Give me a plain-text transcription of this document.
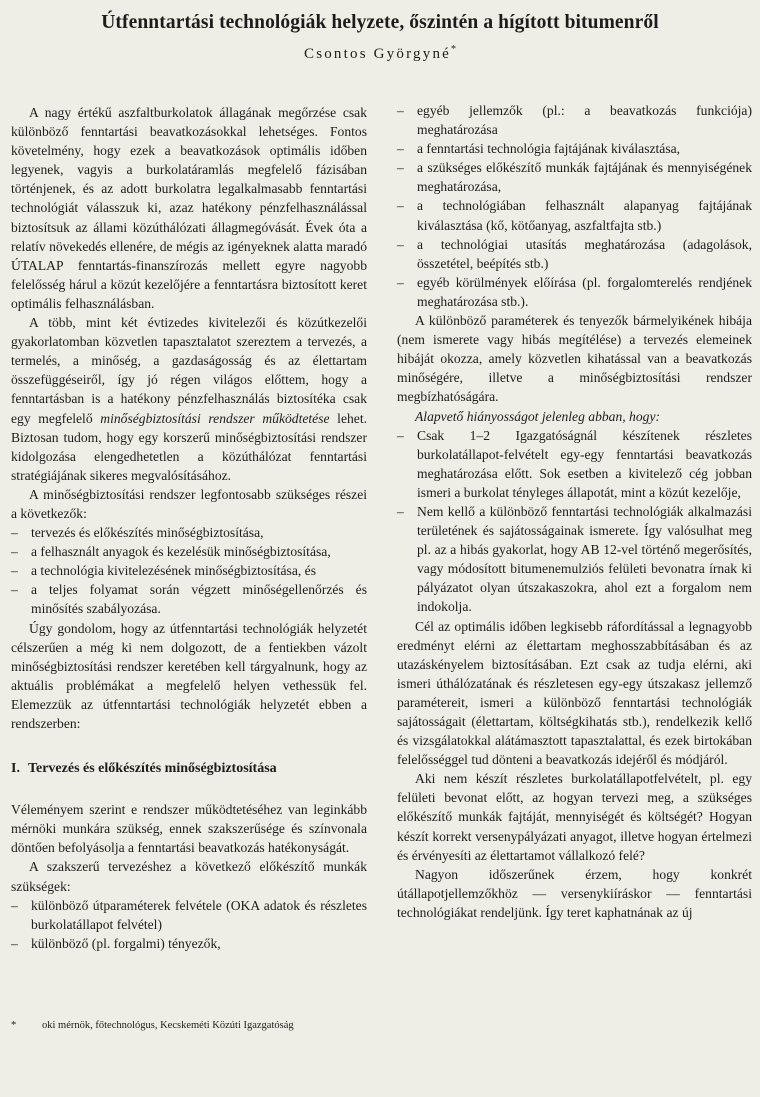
Útfenntartási technológiák helyzete, őszintén a hígított bitumenről
Csontos Györgyné*

A nagy értékű aszfaltburkolatok állagának megőrzése csak különböző fenntartási beavatkozásokkal lehetséges. Fontos követelmény, hogy ezek a beavatkozások optimális időben legyenek, vagyis a burkolatáramlás megfelelő fázisában történjenek, és az adott burkolatra legalkalmasabb fenntartási technológiát válasszuk ki, azaz hatékony pénzfelhasználással biztosítsuk az állami közúthálózati állagmegóvását. Évek óta a relatív növekedés ellenére, de mégis az igényeknek alatta maradó ÚTALAP fenntartás-finanszírozás mellett egyre nagyobb felelősség hárul a közút kezelőjére a fenntartásra biztosított keret optimális felhasználásban.

A több, mint két évtizedes kivitelezői és közútkezelői gyakorlatomban közvetlen tapasztalatot szereztem a tervezés, a termelés, a minőség, a gazdaságosság és az élettartam összefüggéseiről, így jó régen világos előttem, hogy a fenntartásban is a hatékony pénzfelhasználás biztosítéka csak egy megfelelő minőségbiztosítási rendszer működtetése lehet. Biztosan tudom, hogy egy korszerű minőségbiztosítási rendszer kidolgozása elengedhetetlen a közúthálózat fenntartási stratégiájának sikeres megvalósításához.

A minőségbiztosítási rendszer legfontosabb szükséges részei a következők:

– tervezés és előkészítés minőségbiztosítása,

– a felhasznált anyagok és kezelésük minőségbiztosítása,

– a technológia kivitelezésének minőségbiztosítása, és

– a teljes folyamat során végzett minőségellenőrzés és minősítés szabályozása.

Úgy gondolom, hogy az útfenntartási technológiák helyzetét célszerűen a még ki nem dolgozott, de a fentiekben vázolt minőségbiztosítási rendszer keretében kell tárgyalnunk, hogy az aktuális problémákat a megfelelő helyen vethessük fel. Elemezzük az útfenntartási technológiák helyzetét ebben a rendszerben:

I. Tervezés és előkészítés minőségbiztosítása

Véleményem szerint e rendszer működtetéséhez van leginkább mérnöki munkára szükség, ennek szakszerűsége és színvonala döntően befolyásolja a fenntartási beavatkozás hatékonyságát.

A szakszerű tervezéshez a következő előkészítő munkák szükségek:

– különböző útparaméterek felvétele (OKA adatok és részletes burkolatállapot felvétel)

– különböző (pl. forgalmi) tényezők,

– egyéb jellemzők (pl.: a beavatkozás funkciója) meghatározása

– a fenntartási technológia fajtájának kiválasztása,

– a szükséges előkészítő munkák fajtájának és mennyiségének meghatározása,

– a technológiában felhasznált alapanyag fajtájának kiválasztása (kő, kötőanyag, aszfaltfajta stb.)

– a technológiai utasítás meghatározása (adagolások, összetétel, beépítés stb.)

– egyéb körülmények előírása (pl. forgalomterelés rendjének meghatározása stb.).

A különböző paraméterek és tenyezők bármelyikének hibája (nem ismerete vagy hibás megítélése) a tervezés elemeinek hibáját okozza, amely közvetlen kihatással van a beavatkozás minőségére, illetve a minőségbiztosítási rendszer megbízhatóságára.

Alapvető hiányosságot jelenleg abban, hogy:

– Csak 1–2 Igazgatóságnál készítenek részletes burkolatállapot-felvételt egy-egy fenntartási beavatkozás meghatározása előtt. Sok esetben a kivitelező cég jobban ismeri a burkolat tényleges állapotát, mint a közút kezelője,

– Nem kellő a különböző fenntartási technológiák alkalmazási területének és sajátosságainak ismerete. Így valósulhat meg pl. az a hibás gyakorlat, hogy AB 12-vel történő megerősítés, vagy módosított bitumenemulziós felületi bevonatra írnak ki pályázatot olyan útszakaszokra, ahol ezt a forgalom nem indokolja.

Cél az optimális időben legkisebb ráfordítással a legnagyobb eredményt elérni az élettartam meghosszabbításában és az utazáskényelem biztosításában. Ezt csak az tudja elérni, aki ismeri úthálózatának és részletesen egy-egy útszakasz jellemző paramétereit, ismeri a különböző fenntartási technológiák sajátosságait (élettartam, költségkihatás stb.), rendelkezik kellő és vizsgálatokkal alátámasztott tapasztalattal, és ezek birtokában felelősséggel tud dönteni a beavatkozás idejéről és módjáról.

Aki nem készít részletes burkolatállapotfelvételt, pl. egy felületi bevonat előtt, az hogyan tervezi meg, a szükséges előkészítő munkák fajtáját, mennyiségét és költségét? Hogyan készít korrekt versenypályázati anyagot, illetve hogyan értelmezi és érvényesíti az élettartamot vállalkozó felé?

Nagyon időszerűnek érzem, hogy konkrét útállapotjellemzőkhöz — versenykiíráskor — fenntartási technológiákat rendeljünk. Így teret kaphatnának az új

* oki mérnök, főtechnológus, Kecskeméti Közúti Igazgatóság
